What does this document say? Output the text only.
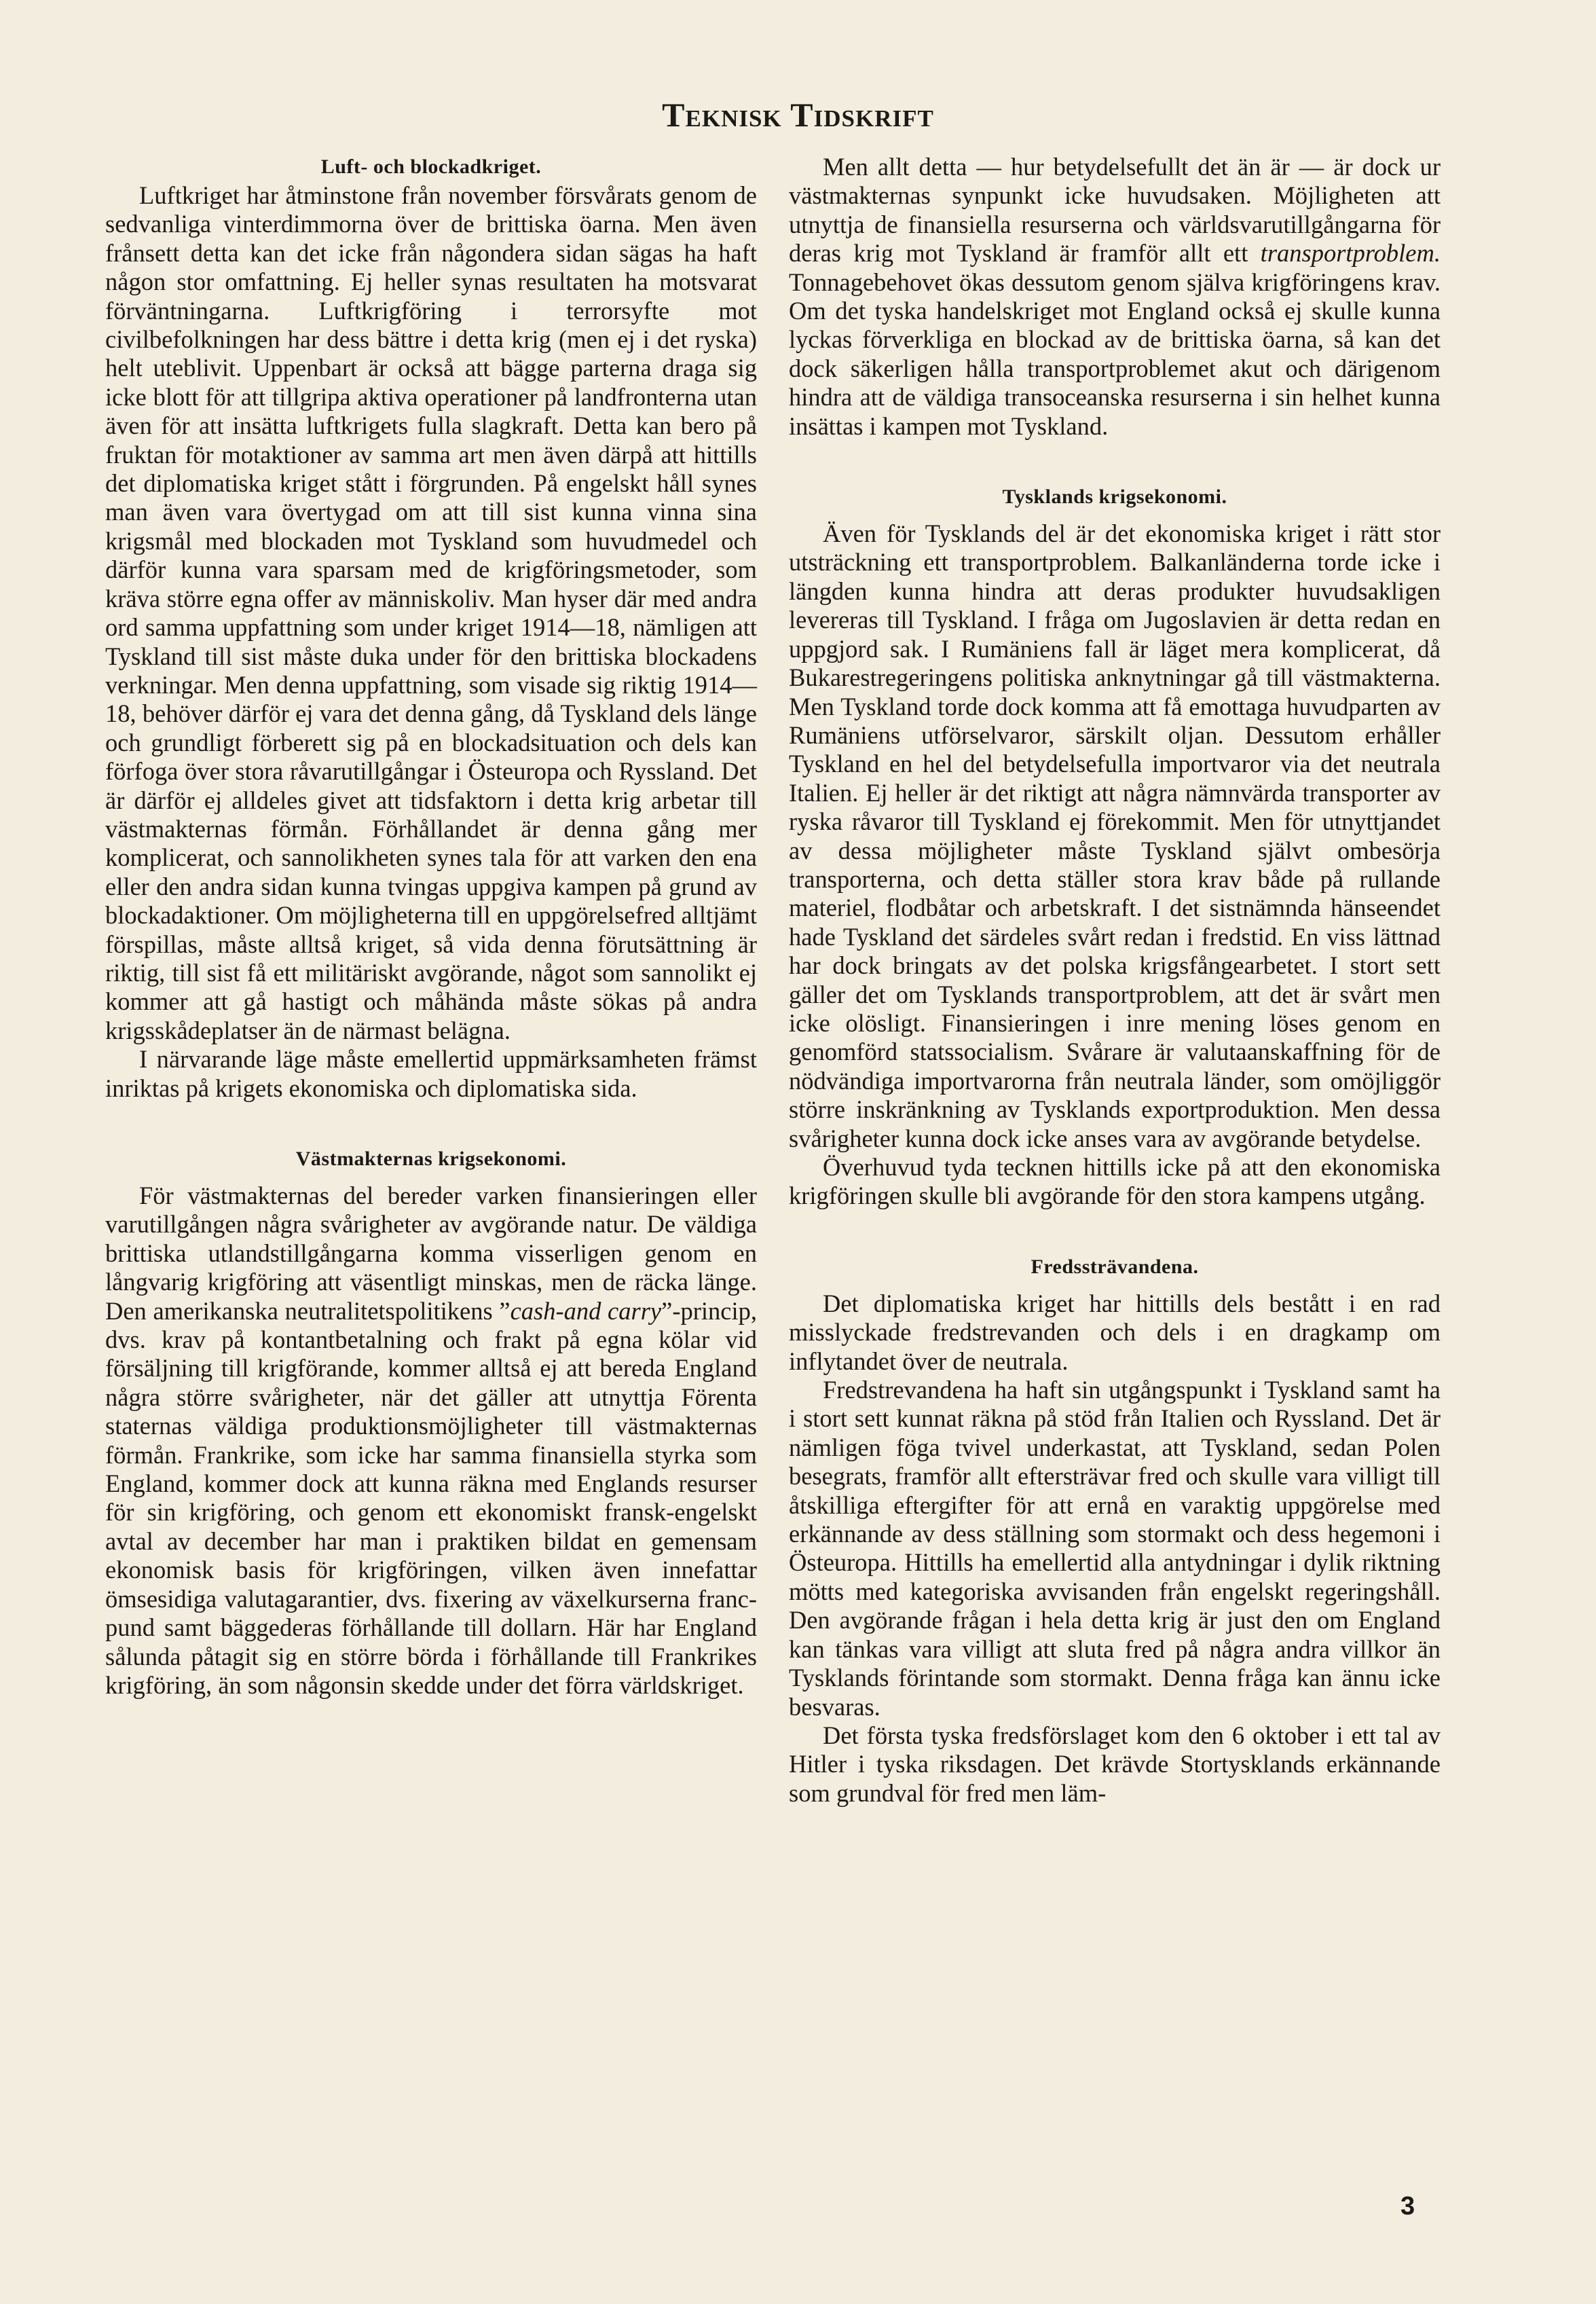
Teknisk Tidskrift
Luft- och blockadkriget.

Luftkriget har åtminstone från november försvårats genom de sedvanliga vinterdimmorna över de brittiska öarna. Men även frånsett detta kan det icke från någondera sidan sägas ha haft någon stor omfattning. Ej heller synas resultaten ha motsvarat förväntningarna. Luftkrigföring i terrorsyfte mot civilbefolkningen har dess bättre i detta krig (men ej i det ryska) helt uteblivit. Uppenbart är också att bägge parterna draga sig icke blott för att tillgripa aktiva operationer på landfronterna utan även för att insätta luftkrigets fulla slagkraft. Detta kan bero på fruktan för motaktioner av samma art men även därpå att hittills det diplomatiska kriget stått i förgrunden. På engelskt håll synes man även vara övertygad om att till sist kunna vinna sina krigsmål med blockaden mot Tyskland som huvudmedel och därför kunna vara sparsam med de krigföringsmetoder, som kräva större egna offer av människoliv. Man hyser där med andra ord samma uppfattning som under kriget 1914—18, nämligen att Tyskland till sist måste duka under för den brittiska blockadens verkningar. Men denna uppfattning, som visade sig riktig 1914—18, behöver därför ej vara det denna gång, då Tyskland dels länge och grundligt förberett sig på en blockadsituation och dels kan förfoga över stora råvarutillgångar i Östeuropa och Ryssland. Det är därför ej alldeles givet att tidsfaktorn i detta krig arbetar till västmakternas förmån. Förhållandet är denna gång mer komplicerat, och sannolikheten synes tala för att varken den ena eller den andra sidan kunna tvingas uppgiva kampen på grund av blockadaktioner. Om möjligheterna till en uppgörelsefred alltjämt förspillas, måste alltså kriget, så vida denna förutsättning är riktig, till sist få ett militäriskt avgörande, något som sannolikt ej kommer att gå hastigt och måhända måste sökas på andra krigsskådeplatser än de närmast belägna.

I närvarande läge måste emellertid uppmärksamheten främst inriktas på krigets ekonomiska och diplomatiska sida.

Västmakternas krigsekonomi.

För västmakternas del bereder varken finansieringen eller varutillgången några svårigheter av avgörande natur. De väldiga brittiska utlandstillgångarna komma visserligen genom en långvarig krigföring att väsentligt minskas, men de räcka länge. Den amerikanska neutralitetspolitikens ”cash-and carry”-princip, dvs. krav på kontantbetalning och frakt på egna kölar vid försäljning till krigförande, kommer alltså ej att bereda England några större svårigheter, när det gäller att utnyttja Förenta staternas väldiga produktionsmöjligheter till västmakternas förmån. Frankrike, som icke har samma finansiella styrka som England, kommer dock att kunna räkna med Englands resurser för sin krigföring, och genom ett ekonomiskt fransk-engelskt avtal av december har man i praktiken bildat en gemensam ekonomisk basis för krigföringen, vilken även innefattar ömsesidiga valutagarantier, dvs. fixering av växelkurserna franc-pund samt bäggederas förhållande till dollarn. Här har England sålunda påtagit sig en större börda i förhållande till Frankrikes krigföring, än som någonsin skedde under det förra världskriget.

Men allt detta — hur betydelsefullt det än är — är dock ur västmakternas synpunkt icke huvudsaken. Möjligheten att utnyttja de finansiella resurserna och världsvarutillgångarna för deras krig mot Tyskland är framför allt ett transportproblem. Tonnagebehovet ökas dessutom genom själva krigföringens krav. Om det tyska handelskriget mot England också ej skulle kunna lyckas förverkliga en blockad av de brittiska öarna, så kan det dock säkerligen hålla transportproblemet akut och därigenom hindra att de väldiga transoceanska resurserna i sin helhet kunna insättas i kampen mot Tyskland.

Tysklands krigsekonomi.

Även för Tysklands del är det ekonomiska kriget i rätt stor utsträckning ett transportproblem. Balkanländerna torde icke i längden kunna hindra att deras produkter huvudsakligen levereras till Tyskland. I fråga om Jugoslavien är detta redan en uppgjord sak. I Rumäniens fall är läget mera komplicerat, då Bukarestregeringens politiska anknytningar gå till västmakterna. Men Tyskland torde dock komma att få emottaga huvudparten av Rumäniens utförselvaror, särskilt oljan. Dessutom erhåller Tyskland en hel del betydelsefulla importvaror via det neutrala Italien. Ej heller är det riktigt att några nämnvärda transporter av ryska råvaror till Tyskland ej förekommit. Men för utnyttjandet av dessa möjligheter måste Tyskland självt ombesörja transporterna, och detta ställer stora krav både på rullande materiel, flodbåtar och arbetskraft. I det sistnämnda hänseendet hade Tyskland det särdeles svårt redan i fredstid. En viss lättnad har dock bringats av det polska krigsfångearbetet. I stort sett gäller det om Tysklands transportproblem, att det är svårt men icke olösligt. Finansieringen i inre mening löses genom en genomförd statssocialism. Svårare är valutaanskaffning för de nödvändiga importvarorna från neutrala länder, som omöjliggör större inskränkning av Tysklands exportproduktion. Men dessa svårigheter kunna dock icke anses vara av avgörande betydelse.

Överhuvud tyda tecknen hittills icke på att den ekonomiska krigföringen skulle bli avgörande för den stora kampens utgång.

Fredssträvandena.

Det diplomatiska kriget har hittills dels bestått i en rad misslyckade fredstrevanden och dels i en dragkamp om inflytandet över de neutrala.

Fredstrevandena ha haft sin utgångspunkt i Tyskland samt ha i stort sett kunnat räkna på stöd från Italien och Ryssland. Det är nämligen föga tvivel underkastat, att Tyskland, sedan Polen besegrats, framför allt eftersträvar fred och skulle vara villigt till åtskilliga eftergifter för att ernå en varaktig uppgörelse med erkännande av dess ställning som stormakt och dess hegemoni i Östeuropa. Hittills ha emellertid alla antydningar i dylik riktning mötts med kategoriska avvisanden från engelskt regeringshåll. Den avgörande frågan i hela detta krig är just den om England kan tänkas vara villigt att sluta fred på några andra villkor än Tysklands förintande som stormakt. Denna fråga kan ännu icke besvaras.

Det första tyska fredsförslaget kom den 6 oktober i ett tal av Hitler i tyska riksdagen. Det krävde Stortysklands erkännande som grundval för fred men läm-

3
